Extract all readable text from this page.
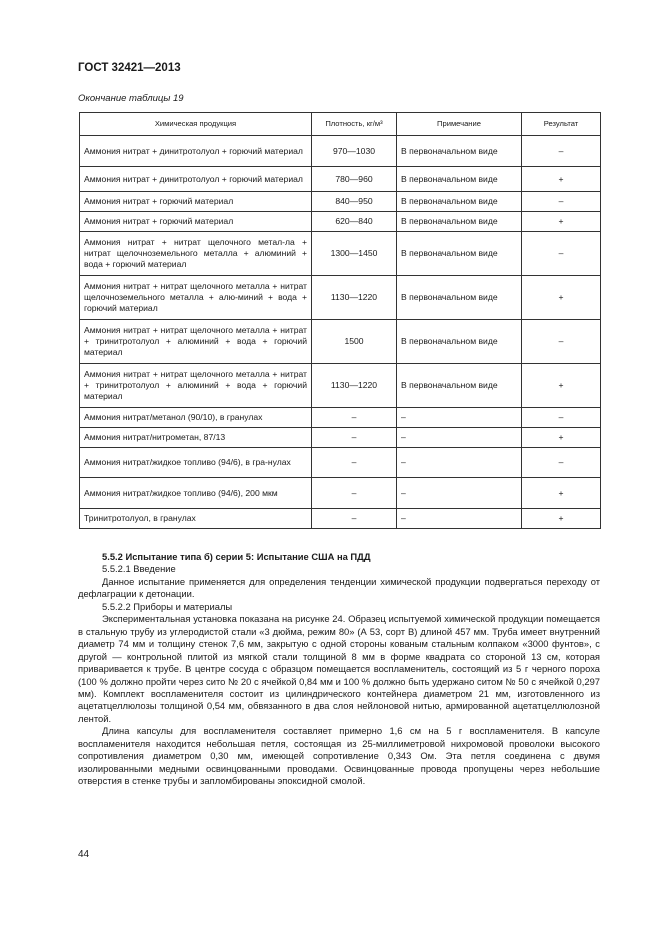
ГОСТ 32421—2013
Окончание таблицы 19
Химическая продукция	Плотность, кг/м³	Примечание	Результат
Аммония нитрат + динитротолуол + горючий материал	970—1030	В первоначальном виде	–
Аммония нитрат + динитротолуол + горючий материал	780—960	В первоначальном виде	+
Аммония нитрат + горючий материал	840—950	В первоначальном виде	–
Аммония нитрат + горючий материал	620—840	В первоначальном виде	+
Аммония нитрат + нитрат щелочного метал-ла + нитрат щелочноземельного металла + алюминий + вода + горючий материал	1300—1450	В первоначальном виде	–
Аммония нитрат + нитрат щелочного металла + нитрат щелочноземельного металла + алю-миний + вода + горючий материал	1130—1220	В первоначальном виде	+
Аммония нитрат + нитрат щелочного металла + нитрат + тринитротолуол + алюминий + вода + горючий материал	1500	В первоначальном виде	–
Аммония нитрат + нитрат щелочного металла + нитрат + тринитротолуол + алюминий + вода + горючий материал	1130—1220	В первоначальном виде	+
Аммония нитрат/метанол (90/10), в гранулах	–	–	–
Аммония нитрат/нитрометан, 87/13	–	–	+
Аммония нитрат/жидкое топливо (94/6), в гра-нулах	–	–	–
Аммония нитрат/жидкое топливо (94/6), 200 мкм	–	–	+
Тринитротолуол, в гранулах	–	–	+

5.5.2 Испытание типа б) серии 5: Испытание США на ПДД

5.5.2.1 Введение

Данное испытание применяется для определения тенденции химической продукции подвергаться переходу от дефлаграции к детонации.

5.5.2.2 Приборы и материалы

Экспериментальная установка показана на рисунке 24. Образец испытуемой химической продукции помещается в стальную трубу из углеродистой стали «3 дюйма, режим 80» (А 53, сорт В) длиной 457 мм. Труба имеет внутренний диаметр 74 мм и толщину стенок 7,6 мм, закрытую с одной стороны кованым стальным колпаком «3000 фунтов», с другой — контрольной плитой из мягкой стали толщиной 8 мм в форме квадрата со стороной 13 см, которая приваривается к трубе. В центре сосуда с образцом помещается воспламенитель, состоящий из 5 г черного пороха (100 % должно пройти через сито № 20 с ячейкой 0,84 мм и 100 % должно быть удержано ситом № 50 с ячейкой 0,297 мм). Комплект воспламенителя состоит из цилиндрического контейнера диаметром 21 мм, изготовленного из ацетатцеллюлозы толщиной 0,54 мм, обвязанного в два слоя нейлоновой нитью, армированной ацетатцеллюлозной лентой.

Длина капсулы для воспламенителя составляет примерно 1,6 см на 5 г воспламенителя. В капсуле воспламенителя находится небольшая петля, состоящая из 25-миллиметровой нихромовой проволоки высокого сопротивления диаметром 0,30 мм, имеющей сопротивление 0,343 Ом. Эта петля соединена с двумя изолированными медными освинцованными проводами. Освинцованные провода пропущены через небольшие отверстия в стенке трубы и запломбированы эпоксидной смолой.

44
